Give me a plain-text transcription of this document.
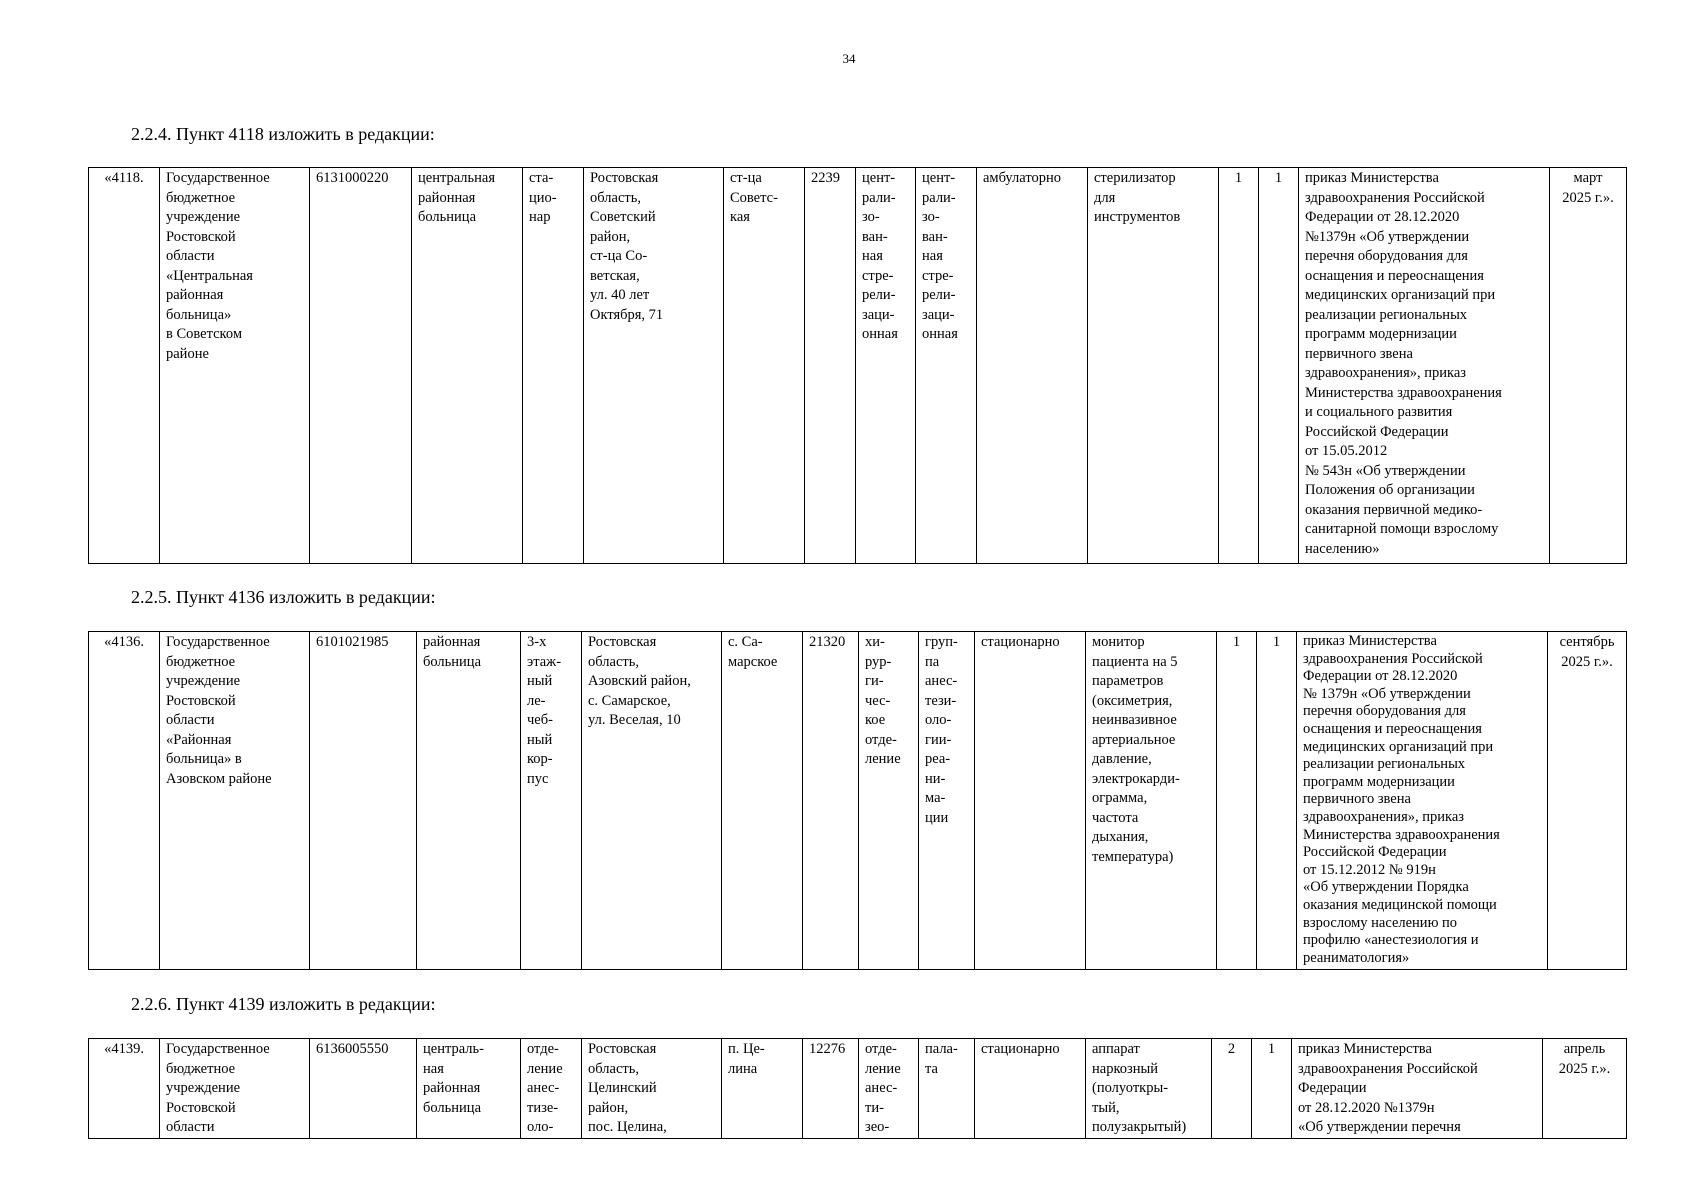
34
2.2.4. Пункт 4118 изложить в редакции:
«4118.	Государственное
бюджетное
учреждение
Ростовской
области
«Центральная
районная
больница»
в Советском
районе	6131000220	центральная
районная
больница	ста-
цио-
нар	Ростовская
область,
Советский
район,
ст-ца Со-
ветская,
ул. 40 лет
Октября, 71	ст-ца
Советс-
кая	2239	цент-
рали-
зо-
ван-
ная
стре-
рели-
заци-
онная	цент-
рали-
зо-
ван-
ная
стре-
рели-
заци-
онная	амбулаторно	стерилизатор
для
инструментов	1	1	приказ Министерства
здравоохранения Российской
Федерации от 28.12.2020
№1379н «Об утверждении
перечня оборудования для
оснащения и переоснащения
медицинских организаций при
реализации региональных
программ модернизации
первичного звена
здравоохранения», приказ
Министерства здравоохранения
и социального развития
Российской Федерации
от 15.05.2012
№ 543н «Об утверждении
Положения об организации
оказания первичной медико-
санитарной помощи взрослому
населению»	март
2025 г.».
2.2.5. Пункт 4136 изложить в редакции:
«4136.	Государственное
бюджетное
учреждение
Ростовской
области
«Районная
больница» в
Азовском районе	6101021985	районная
больница	3-х
этаж-
ный
ле-
чеб-
ный
кор-
пус	Ростовская
область,
Азовский район,
с. Самарское,
ул. Веселая, 10	с. Са-
марское	21320	хи-
рур-
ги-
чес-
кое
отде-
ление	груп-
па
анес-
тези-
оло-
гии-
реа-
ни-
ма-
ции	стационарно	монитор
пациента на 5
параметров
(оксиметрия,
неинвазивное
артериальное
давление,
электрокарди-
ограмма,
частота
дыхания,
температура)	1	1	приказ Министерства
здравоохранения Российской
Федерации от 28.12.2020
№ 1379н «Об утверждении
перечня оборудования для
оснащения и переоснащения
медицинских организаций при
реализации региональных
программ модернизации
первичного звена
здравоохранения», приказ
Министерства здравоохранения
Российской Федерации
от 15.12.2012 № 919н
«Об утверждении Порядка
оказания медицинской помощи
взрослому населению по
профилю «анестезиология и
реаниматология»	сентябрь
2025 г.».
2.2.6. Пункт 4139 изложить в редакции:
«4139.	Государственное
бюджетное
учреждение
Ростовской
области	6136005550	централь-
ная
районная
больница	отде-
ление
анес-
тизе-
оло-	Ростовская
область,
Целинский
район,
пос. Целина,	п. Це-
лина	12276	отде-
ление
анес-
ти-
зео-	пала-
та	стационарно	аппарат
наркозный
(полуоткры-
тый,
полузакрытый)	2	1	приказ Министерства
здравоохранения Российской
Федерации
от 28.12.2020 №1379н
«Об утверждении перечня	апрель
2025 г.».
